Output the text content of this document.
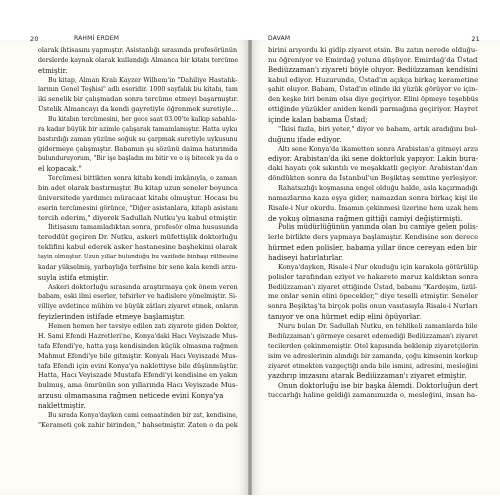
20	RAHMİ ERDEM	DAVAM	21
olarak ihtisasını yapmıştır. Asistanlığı sırasında profesörünün
derslerde kaynak olarak kullandığı Almanca bir kitabı tercüme
etmiştir.
Bu kitap, Alman Kralı Kayzer Wilhem'in "Dahiliye Hastalık-
larının Genel Teşhisi" adlı eseridir. 1000 sayfalık bu kitabı, tam
iki senelik bir çalışmadan sonra tercüme etmeyi başarmıştır.
Üstelik Almancayı da kendi gayretiyle öğrenmek suretiyle...
Bu kitabın tercümesini, her gece saat 03.00'te kalkıp sabahla-
ra kadar büyük bir azimle çalışarak tamamlamıştır. Hatta uyku
bastırdığı zaman yüzüne soğuk su çarpmak suretiyle uykusunu
gidermeye çalışmıştır. Babamın şu sözünü daima hatırımda
bulunduruyorum, "Bir işe başladın mı bitir ve o iş bitecek ya da o
el kopacak."
Tercümesi bittikten sonra kitabı kendi imkânıyla, o zaman
bin adet olarak bastırmıştır. Bu kitap uzun seneler boyunca
üniversitede yardımcı müracaat kitabı olmuştur. Hocası bu
eserin tercümesini görünce, "Diğer asistanlara, kitaplı asistanı
tercih ederim," diyerek Sadullah Nutku'yu kabul etmiştir.
İhtisasını tamamladıktan sonra, profesör olma hususunda
tereddüt geçiren Dr. Nutku, askeri müfettişlik doktorluğu
teklifini kabul ederek asker hastanesine başhekimi olarak
tayin olmuştur. Uzun yıllar bulunduğu bu vazifede binbaşı rütbesine
kadar yükselmiş, yarbaylığa terfisine bir sene kala kendi arzu-
suyla istifa etmiştir.
Askeri doktorluğu sırasında araştırmaya çok önem veren
babam, eski ilmi eserler, tefsirler ve hadislere yönelmiştir. Si-
villiye avdetince mühim ve büyük zâtları ziyaret etmek, onların
feyizlerinden istifade etmeye başlamıştır.
Hemen hemen her tavsiye edilen zatı ziyarete giden Doktor,
H. Sami Efendi Hazretleri'ne, Konya'daki Hacı Veyiszade Mus-
tafa Efendi'ye, hatta yaşı kendisinden küçük olmasına rağmen
Mahmut Efendi'ye bile gitmiştir. Konyalı Hacı Veyiszade Mus-
tafa Efendi için evini Konya'ya naklettiyse bile düşünmüştür.
Hatta, Hacı Veyiszade Mustafa Efendi'yi kendisine en yakın
bulmuş, ama ömrünün son yıllarında Hacı Veyiszade Mus-
arzusu olmamasına rağmen neticede evini Konya'ya
naklettmiştir.
Bu sırada Konya'dayken cami cemaatinden bir zat, kendisine,
"Kerameti çok zahir birinden," bahsetmiştir. Zaten o da pek
birini arıyordu ki gidip ziyaret etsin. Bu zatın nerede olduğu-
nu öğreniyor ve Emirdağ yoluna düşüyor. Emirdağ'da Üstad
Bediüzzaman'ı ziyareti böyle oluyor. Bediüzzaman kendisini
kabul ediyor. Huzurunda, Üstad'ın açıkça birkaç kerametine
şahit oluyor. Babam, Üstad'ın elinde iki yüzük görüyor ve için-
den keşke biri benim olsa diye geçiriyor. Elini öpmeye teşebbüs
ettiğinde yüzükler aniden kendi parmağına geçiriyor. Hayret
içinde kalan babama Üstad;
"İkisi fazla, biri yeter," diyor ve babam, artık aradığını bul-
duğunu ifade ediyor.
Altı sene Konya'da ikametten sonra Arabistan'a gitmeyi arzu
ediyor. Arabistan'da iki sene doktorluk yapıyor. Lakin bura-
daki hayatı çok sıkıntılı ve meşakkatli geçiyor. Arabistan'dan
döndükten sonra da İstanbul'un Beşiktaş semtine yerleşiyor.
Rahatsızlığı koşmasına engel olduğu halde, asla kaçırmadığı
namazlarına kaza eşya gider, namazdan sonra birkaç kişi ile
Risale-i Nur okurdu. İmamın çekinmesi üzerine hem uzak hem
de yokuş olmasına rağmen gittiği camiyi değiştirmişti.
Polis müdürlüğünün yanında olan bu camiye gelen polis-
lerle birlikte ders yapmaya başlamıştır. Kendisine son derece
hürmet eden polisler, babama yıllar önce cereyan eden bir
hadiseyi hatırlatırlar.
Konya'dayken, Risale-i Nur okuduğu için karakola götürülüp
polisler tarafından eziyet ve hakarete maruz kaldıktan sonra
Bediüzzaman'ı ziyaret ettiğinde Üstad, babamı "Kardeşim, üzül-
me onlar senin elini öpecekler," diye teselli etmiştir. Seneler
sonra Beşiktaş'ta birçok polis onun vasıtasıyla Risale-i Nurları
tanıyor ve ona hürmet edip elini öpüyorlar.
Nuru bulan Dr. Sadullah Nutku, en tehlikeli zamanlarda bile
Bediüzzaman'ı görmeye cesaret edemediği Bediüzzaman'ı ziyaret
tecilerden çekinmemiştir. Otel kapısında beklenip ziyaretçilerin
isim ve adreslerinin alındığı bir zamanda, çoğu kimsenin korkup
ziyaret etmekten vazgeçtiği anda bile ismini, adresini, mesleğini
yazdırıp imzasını atarak Bediüzzaman'ı ziyaret etmiştir.
Onun doktorluğu ise bir başka âlemdi. Doktorluğun dert
tuccarlığı haline geldiği zamanımızda o, mesleğini, insan ha-
